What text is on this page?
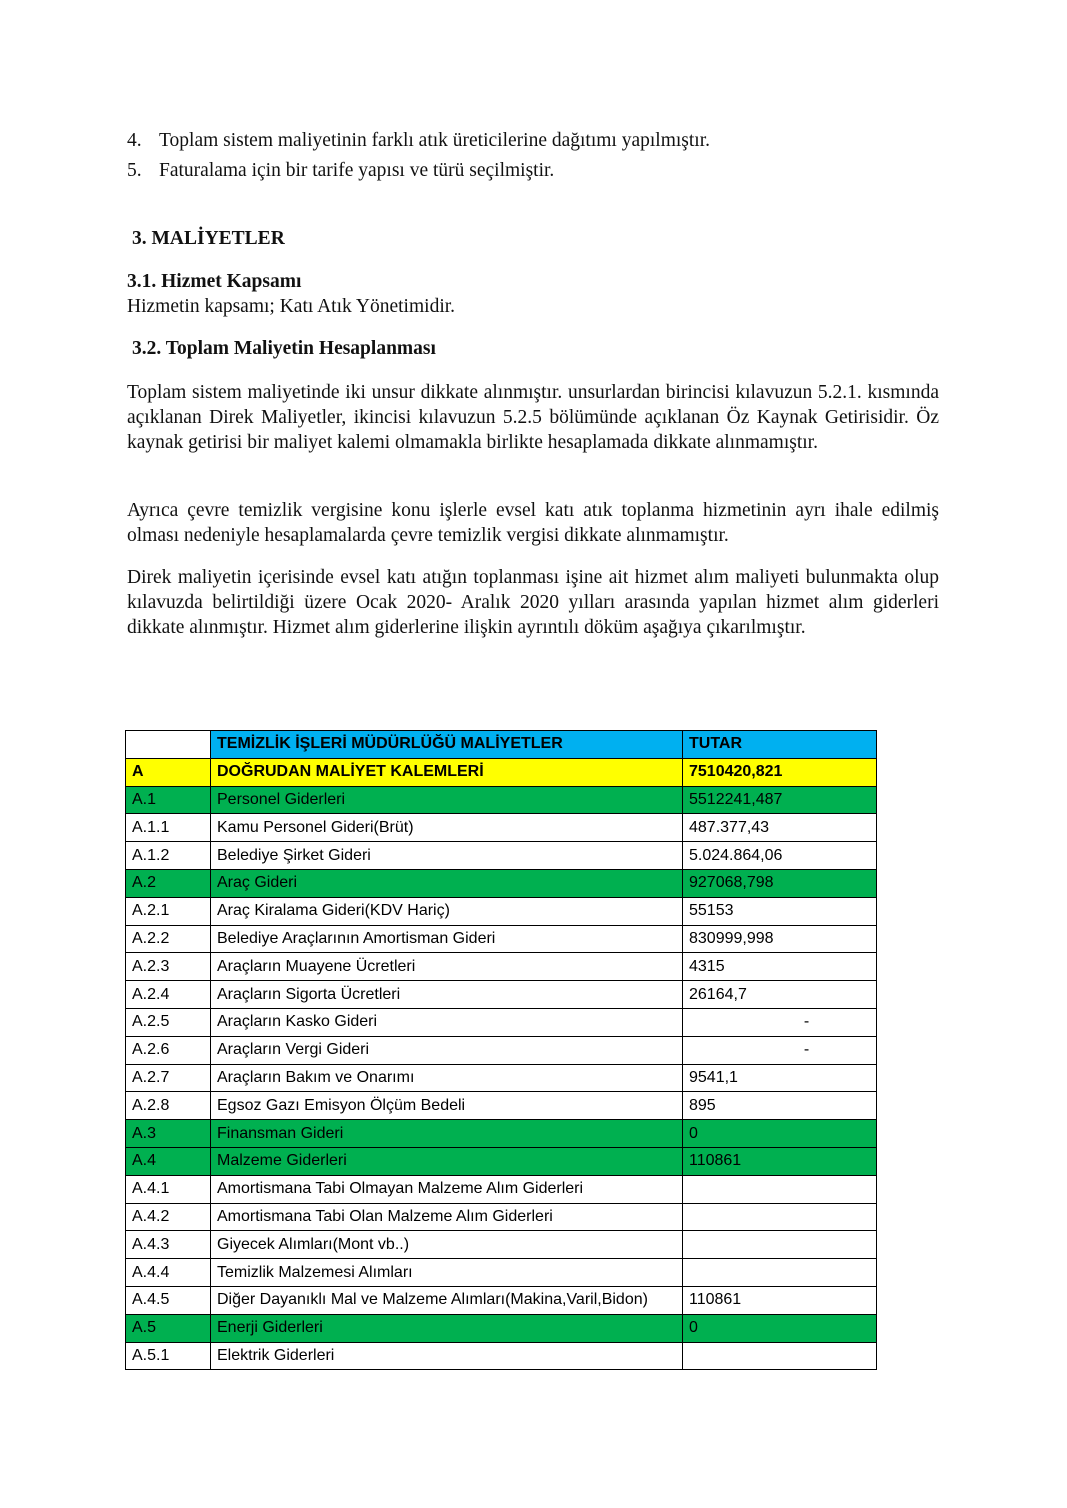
4. Toplam sistem maliyetinin farklı atık üreticilerine dağıtımı yapılmıştır.
5. Faturalama için bir tarife yapısı ve türü seçilmiştir.
3. MALİYETLER
3.1. Hizmet Kapsamı
Hizmetin kapsamı; Katı Atık Yönetimidir.
3.2. Toplam Maliyetin Hesaplanması

Toplam sistem maliyetinde iki unsur dikkate alınmıştır. unsurlardan birincisi kılavuzun 5.2.1. kısmında açıklanan Direk Maliyetler, ikincisi kılavuzun 5.2.5 bölümünde açıklanan Öz Kaynak Getirisidir. Öz kaynak getirisi bir maliyet kalemi olmamakla birlikte hesaplamada dikkate alınmamıştır.

Ayrıca çevre temizlik vergisine konu işlerle evsel katı atık toplanma hizmetinin ayrı ihale edilmiş olması nedeniyle hesaplamalarda çevre temizlik vergisi dikkate alınmamıştır.

Direk maliyetin içerisinde evsel katı atığın toplanması işine ait hizmet alım maliyeti bulunmakta olup kılavuzda belirtildiği üzere Ocak 2020- Aralık 2020 yılları arasında yapılan hizmet alım giderleri dikkate alınmıştır. Hizmet alım giderlerine ilişkin ayrıntılı döküm aşağıya çıkarılmıştır.

	TEMİZLİK İŞLERİ MÜDÜRLÜĞÜ MALİYETLER	TUTAR
A	DOĞRUDAN MALİYET KALEMLERİ	7510420,821
A.1	Personel Giderleri	5512241,487
A.1.1	Kamu Personel Gideri(Brüt)	487.377,43
A.1.2	Belediye Şirket Gideri	5.024.864,06
A.2	Araç Gideri	927068,798
A.2.1	Araç Kiralama Gideri(KDV Hariç)	55153
A.2.2	Belediye Araçlarının Amortisman Gideri	830999,998
A.2.3	Araçların Muayene Ücretleri	4315
A.2.4	Araçların Sigorta Ücretleri	26164,7
A.2.5	Araçların Kasko Gideri	-
A.2.6	Araçların Vergi Gideri	-
A.2.7	Araçların Bakım ve Onarımı	9541,1
A.2.8	Egsoz Gazı Emisyon Ölçüm Bedeli	895
A.3	Finansman Gideri	0
A.4	Malzeme Giderleri	110861
A.4.1	Amortismana Tabi Olmayan Malzeme Alım Giderleri	
A.4.2	Amortismana Tabi Olan Malzeme Alım Giderleri	
A.4.3	Giyecek Alımları(Mont vb..)	
A.4.4	Temizlik Malzemesi Alımları	
A.4.5	Diğer Dayanıklı Mal ve Malzeme Alımları(Makina,Varil,Bidon)	110861
A.5	Enerji Giderleri	0
A.5.1	Elektrik Giderleri	
